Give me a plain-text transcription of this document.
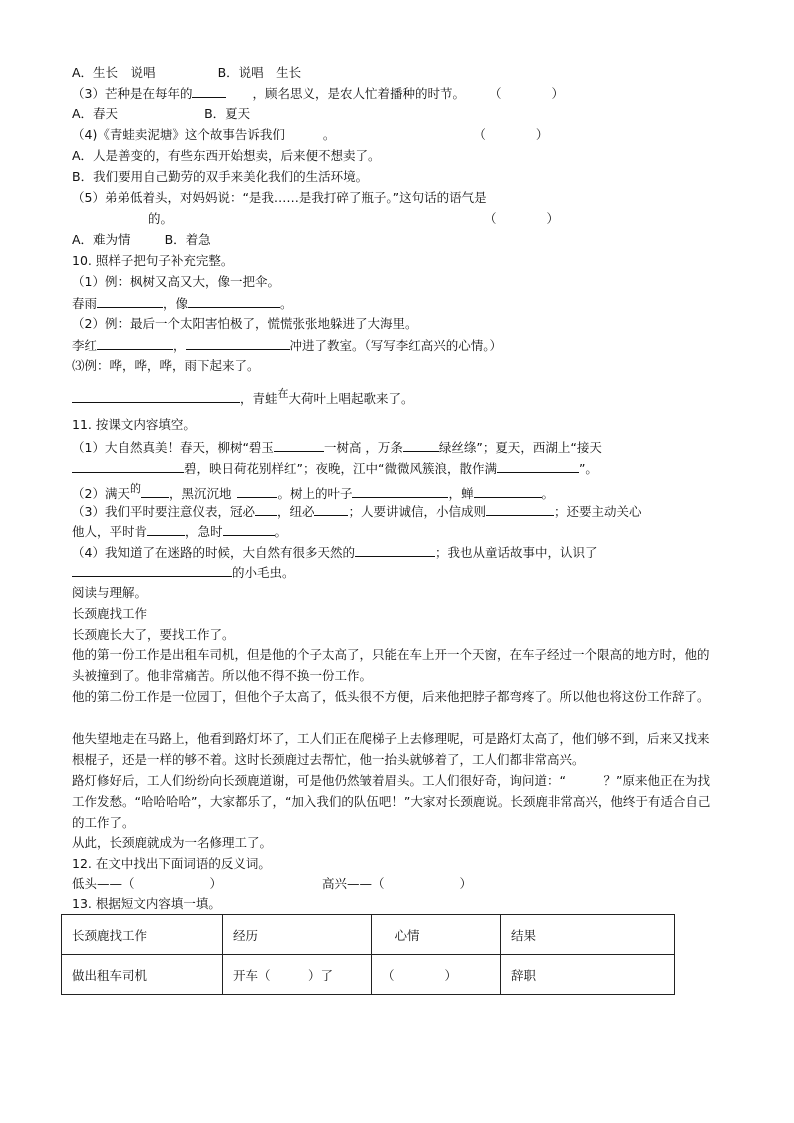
A．生长　说唱	B．说唱　生长
（3）芒种是在每年的	，顾名思义，是农人忙着播种的时节。 （　　　　）
A．春天	B．夏天
（4)《青蛙卖泥塘》这个故事告诉我们	。	（　　　　）
A．人是善变的，有些东西开始想卖，后来便不想卖了。
B．我们要用自己勤劳的双手来美化我们的生活环境。
（5）弟弟低着头，对妈妈说：“是我……是我打碎了瓶子。”这句话的语气是
的。	（　　　　）
A．难为情	B．着急
10. 照样子把句子补充完整。
（1）例：枫树又高又大，像一把伞。
春雨	，像	。
（2）例：最后一个太阳害怕极了，慌慌张张地躲进了大海里。
李红	，	冲进了教室。（写写李红高兴的心情。）
⑶例：哗，哗，哗，雨下起来了。
，青蛙在大荷叶上唱起歌来了。
11. 按课文内容填空。
（1）大自然真美！春天，柳树“碧玉	一树高 ，万条	绿丝绦”；夏天，西湖上“接天
碧，映日荷花别样红”；夜晚，江中“微微风簇浪，散作满	”。
（2）满天的 ，黑沉沉地	。树上的叶子	，蝉	。
（3）我们平时要注意仪表，冠必 ，纽必	；人要讲诚信，小信成则	；还要主动关心
他人，平时肯	，急时	。
（4）我知道了在迷路的时候，大自然有很多天然的	；我也从童话故事中，认识了
的小毛虫。
阅读与理解。
长颈鹿找工作
长颈鹿长大了，要找工作了。
他的第一份工作是出租车司机，但是他的个子太高了，只能在车上开一个天窗，在车子经过一个限高的地方时，他的头被撞到了。他非常痛苦。所以他不得不换一份工作。
他的第二份工作是一位园丁，但他个子太高了，低头很不方便，后来他把脖子都弯疼了。所以他也将这份工作辞了。
他失望地走在马路上，他看到路灯坏了，工人们正在爬梯子上去修理呢，可是路灯太高了，他们够不到，后来又找来根棍子，还是一样的够不着。这时长颈鹿过去帮忙，他一抬头就够着了，工人们都非常高兴。
路灯修好后，工人们纷纷向长颈鹿道谢，可是他仍然皱着眉头。工人们很好奇，询问道：“　　　？”原来他正在为找工作发愁。“哈哈哈哈”，大家都乐了，“加入我们的队伍吧！”大家对长颈鹿说。长颈鹿非常高兴，他终于有适合自己的工作了。
从此，长颈鹿就成为一名修理工了。
12. 在文中找出下面词语的反义词。
低头——（　　　　　　）	高兴——（　　　　　　）
13. 根据短文内容填一填。
长颈鹿找工作	经历	　心情	结果
做出租车司机	开车（　　　）了	（　　　　）	辞职
